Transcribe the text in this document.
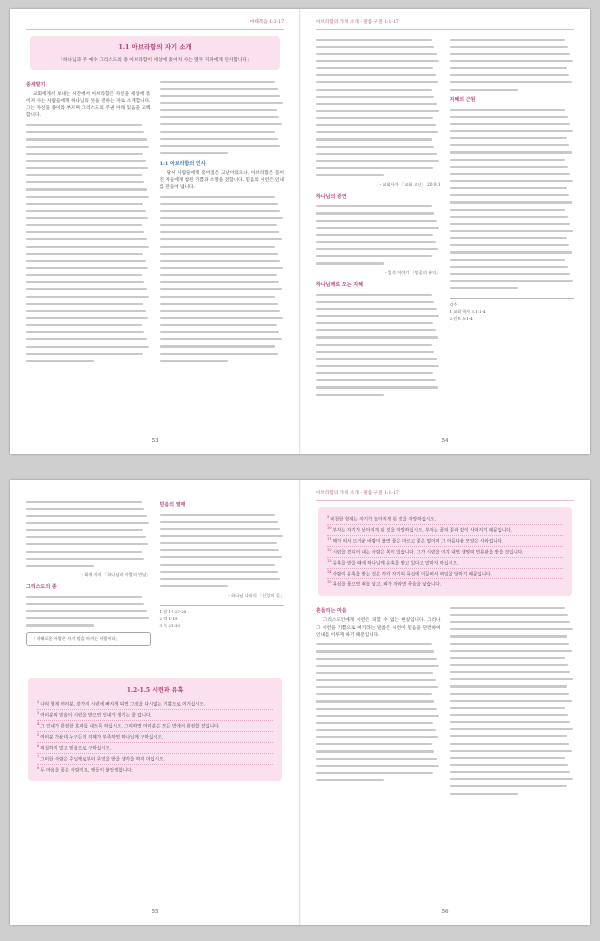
마태복음 1:1-17
1.1 아브라함의 자기 소개

「하나님과 주 예수 그리스도의 종 아브라함이 세상에 흩어져 사는 열두 지파에게 인사합니다」

중세말기
교회에게서 보내는 시간에서 아브라함은 자신을 세상에 흩어져 사는 사람들에게 하나님의 뜻을 전하는 자로 소개합니다. 그는 자신을 종이라 부르며 그리스도의 주권 아래 있음을 고백합니다.
1:1 아브라함의 인사
당시 사람들에게 흩어짐은 고난이었으나, 아브라함은 흩어진 자들에게 참된 기쁨과 소망을 전합니다. 믿음의 시련은 인내를 만들어 냅니다.
53
아브라함의 가치 소개 - 말씀 구절 1:1-17
- 교회사가 「교회 고난」 20.9.1
하나님의 증언
- 일석 이야기 「믿음의 유익」
하나님께로 오는 지혜
지혜의 근원

각주

1 교회 역사 3.1:1-4

2 인트 5:1-4

54
- 회개 자의 「하나님과 사람의 만남」
그리스도의 종
「지혜로운 사람은 자기 말을 아끼는 사람이다」
믿음의 열매
- 하나님 나라의 「신앙의 길」

1 잠 17:27-28

2 약 1:19

3 눅 21:19

1.2-1.5 시련과 유혹
$^2$나의 형제 여러분, 갖가지 시련에 빠지게 되면 그것을 다시없는 기쁨으로 여기십시오.
$^3$여러분의 믿음이 시련을 받으면 인내가 생기는 줄 압니다.
$^4$그 인내가 완전한 효과를 내도록 하십시오. 그리하면 여러분은 모든 면에서 완전할 것입니다.
$^5$여러분 가운데 누구든지 지혜가 부족하면 하나님께 구하십시오.
$^6$의심하지 말고 믿음으로 구하십시오.
$^7$그러한 사람은 주님께로부터 무엇을 받을 생각을 하지 마십시오.
$^8$두 마음을 품은 사람이요, 행동이 불안정합니다.
55
아브라함의 가치 소개 - 말씀 구절 1:1-17
$^9$비천한 형제는 자기가 높아지게 된 것을 자랑하십시오.
$^{10}$부자는 자기가 낮아지게 된 것을 자랑하십시오. 부자는 풀의 꽃과 같이 사라지기 때문입니다.
$^{11}$해가 떠서 뜨거운 바람이 불면 풀은 마르고 꽃은 떨어져 그 아름다운 모양은 사라집니다.
$^{12}$시련을 견디어 내는 사람은 복이 있습니다. 그가 시련을 이겨 내면 생명의 면류관을 받을 것입니다.
$^{13}$유혹을 받을 때에 하나님께 유혹을 받고 있다고 말하지 마십시오.
$^{14}$사람이 유혹을 받는 것은 각각 자기의 욕심에 이끌려서 꾀임을 당하기 때문입니다.
$^{15}$욕심을 품으면 죄를 낳고, 죄가 자라면 죽음을 낳습니다.
흔들리는 마음
그리스도인에게 시련은 피할 수 없는 현실입니다. 그러나 그 시련을 기쁨으로 여기라는 말씀은 시련이 믿음을 단련하여 인내를 이루게 하기 때문입니다.
56
